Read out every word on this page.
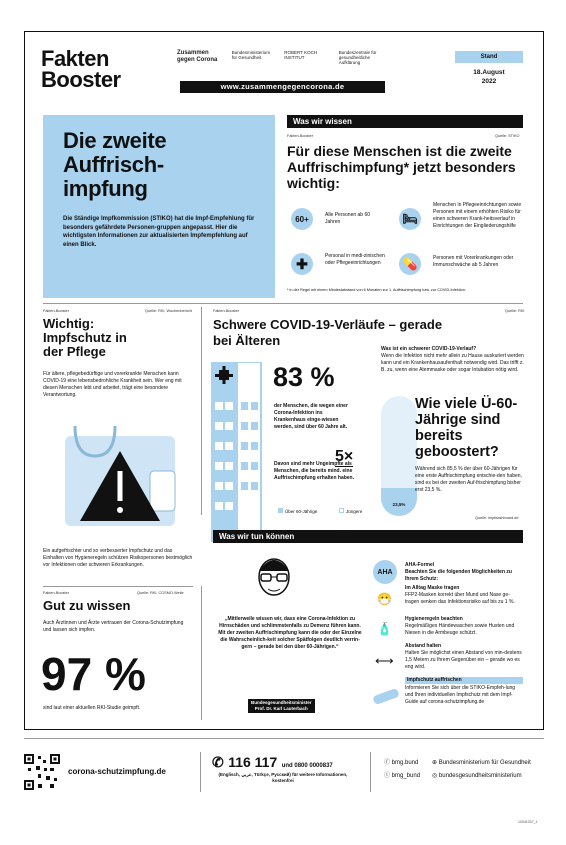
Fakten
Booster
Zusammen
gegen Corona
Bundesministerium für Gesundheit ROBERT KOCH INSTITUT Bundeszentrale für gesundheitliche Aufklärung
www.zusammengegencorona.de
Stand
18.August
2022
Die zweite
Auffrisch-
impfung

Die Ständige Impfkommission (STIKO) hat die Impf-Empfehlung für besonders gefährdete Personen-gruppen angepasst. Hier die wichtigsten Informationen zur aktualisierten Impfempfehlung auf einen Blick.

Was wir wissen
Fakten-Booster	Quelle: STIKO
Für diese Menschen ist die zweite Auffrischimpfung* jetzt besonders wichtig:
60+	Alle Personen ab 60 Jahren	🛏
Menschen in Pflegeeinrichtungen sowie Personen mit einem erhöhten Risiko für einen schweren Krank-heitsverlauf in Einrichtungen der Eingliederungshilfe
✚	Personal in medi-zinischen oder Pflegeeinrichtungen	💊	Personen mit Vorerkrankungen oder Immunschwäche ab 5 Jahren
* in der Regel mit einem Mindestabstand von 6 Monaten zur 1. Auffrischimpfung bzw. zur COVID-Infektion.
Fakten-Booster	Quelle: RKI, Wochenbericht
Wichtig:
Impfschutz in
der Pflege
Für ältere, pflegebedürftige und vorerkrankte Menschen kann COVID-19 eine lebensbedrohliche Krankheit sein. Wer eng mit diesen Menschen lebt und arbeitet, trägt eine besondere Verantwortung.
Ein aufgefrischter und so verbesserter Impfschutz und das Einhalten von Hygieneregeln schützen Risikopersonen bestmöglich vor Infektionen oder schweren Erkrankungen.
Fakten-Booster	Quelle: RKI, COSMO-Welle
Gut zu wissen
Auch Ärztinnen und Ärzte vertrauen der Corona-Schutzimpfung und lassen sich impfen.
97 %
sind laut einer aktuellen RKI-Studie geimpft.
Fakten-Booster	Quelle: RKI
Schwere COVID-19-Verläufe – gerade bei Älteren
83 %
der Menschen, die wegen einer Corona-Infektion ins Krankenhaus einge-wiesen werden, sind über 60 Jahre alt.
5×
Davon sind mehr Ungeimpfte als Menschen, die bereits mind. eine Auffrischimpfung erhalten haben.
Über 60-Jährige	Jüngere
Was ist ein schwerer COVID-19-Verlauf?
Wenn die Infektion nicht mehr allein zu Hause auskuriert werden kann und ein Krankenhausaufenthalt notwendig wird. Das trifft z. B. zu, wenn eine Atemmaske oder sogar Intubation nötig wird.
23,5%
Wie viele Ü-60-Jährige sind bereits geboostert?
Während sich 85,5 % der über 60-Jährigen für eine erste Auffrischimpfung entschie-den haben, sind es bei der zweiten Auf-frischimpfung bisher erst 23,5 %.
Quelle: impfdashboard.de
Was wir tun können
„Mittlerweile wissen wir, dass eine Corona-Infektion zu Hirnschäden und schlimmstenfalls zu Demenz führen kann. Mit der zweiten Auffrischimpfung kann die oder der Einzelne die Wahrscheinlich-keit solcher Spätfolgen deutlich verrin-gern – gerade bei den über 60-Jährigen.“
Bundesgesundheitsminister
Prof. Dr. Karl Lauterbach
AHA
AHA-Formel
Beachten Sie die folgenden Möglichkeiten zu Ihrem Schutz:
😷
Im Alltag Maske tragen
FFP2-Masken korrekt über Mund und Nase ge-tragen senken das Infektionsrisiko auf bis zu 1 %.
🧴
Hygieneregeln beachten
Regelmäßiges Händewaschen sowie Husten und Niesen in die Armbeuge schützt.
⟷
Abstand halten
Halten Sie möglichst einen Abstand von min-destens 1,5 Metern zu Ihrem Gegenüber ein – gerade wo es eng wird.
Impfschutz auffrischen
Informieren Sie sich über die STIKO-Empfeh-lung und Ihren individuellen Impfschutz mit dem Impf-Guide auf corona-schutzimpfung.de
corona-schutzimpfung.de
✆ 116 117 und 0800 0000837
(Englisch, عربي, Türkçe, Русский) für weitere Informationen, kostenfrei
ⓕ bmg.bund
ⓣ bmg_bund
⊕ Bundesministerium für Gesundheit
◎ bundesgesundheitsministerium
10041037_1
